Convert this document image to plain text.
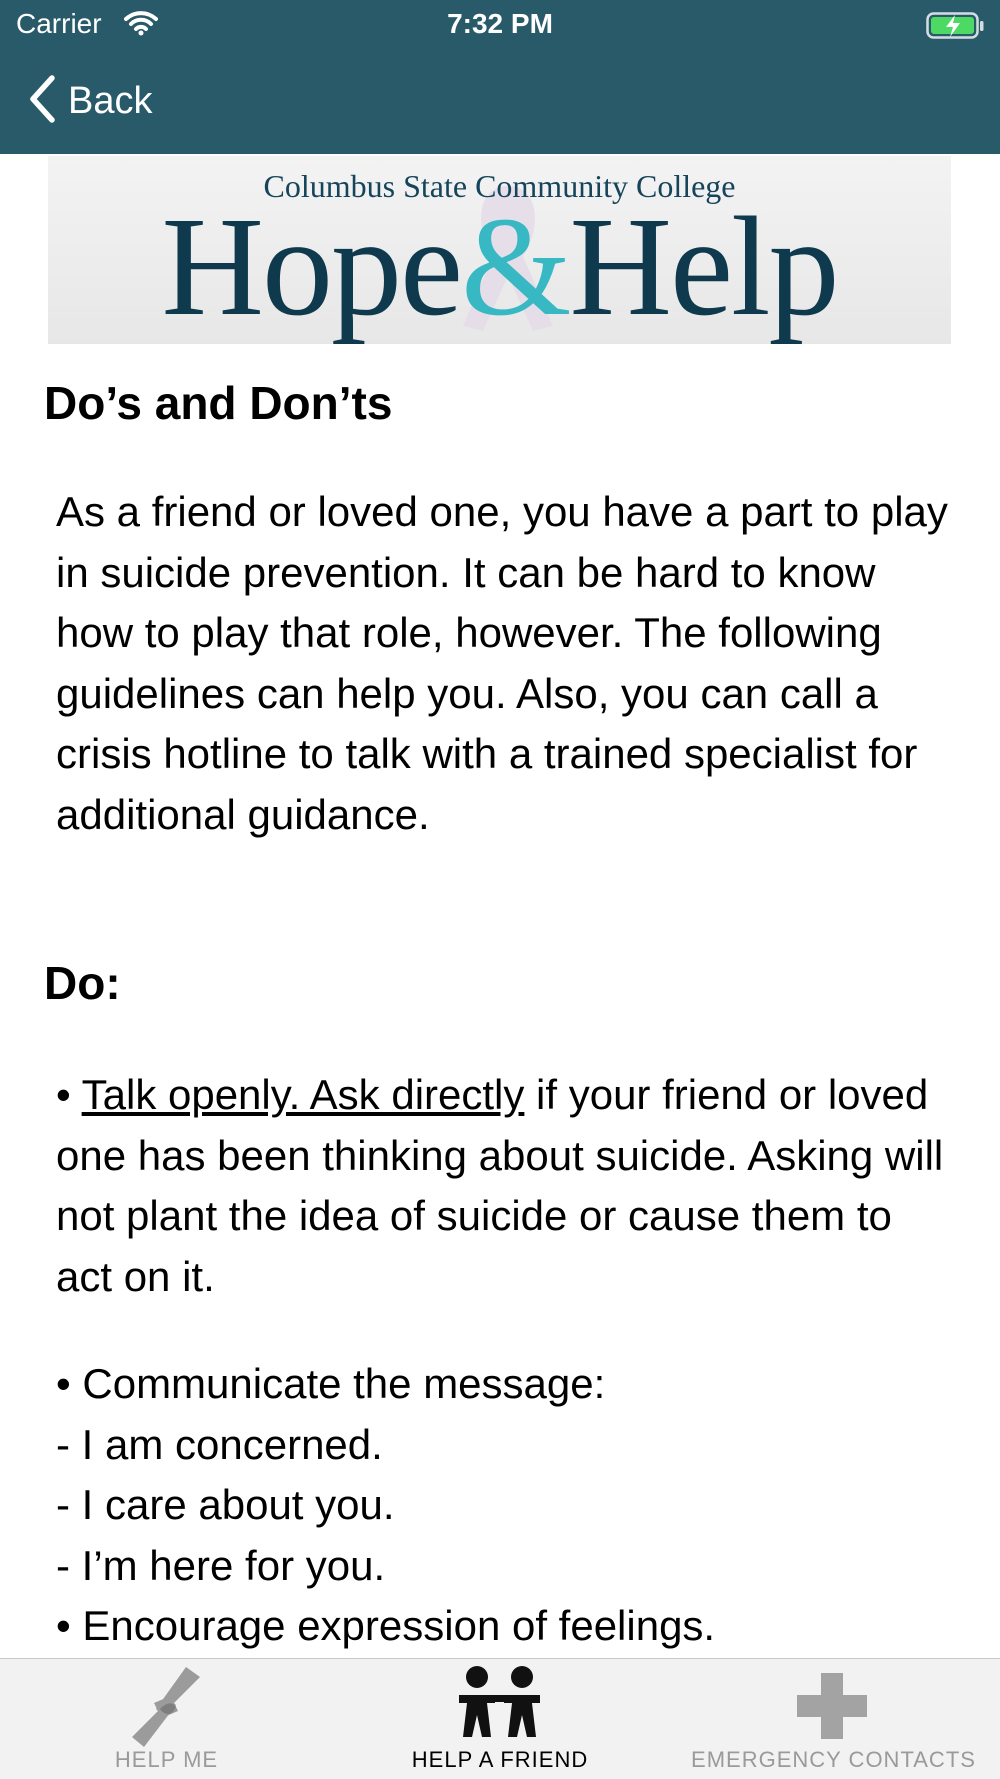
Carrier	7:32 PM
Back
Columbus State Community College
Hope&Help
Do’s and Don’ts
As a friend or loved one, you have a part to play in suicide prevention. It can be hard to know how to play that role, however. The following guidelines can help you. Also, you can call a crisis hotline to talk with a trained specialist for additional guidance.
Do:
• Talk openly. Ask directly if your friend or loved one has been thinking about suicide. Asking will not plant the idea of suicide or cause them to act on it.

• Communicate the message:

- I am concerned.

- I care about you.

- I’m here for you.

• Encourage expression of feelings.

HELP ME	HELP A FRIEND	EMERGENCY CONTACTS
